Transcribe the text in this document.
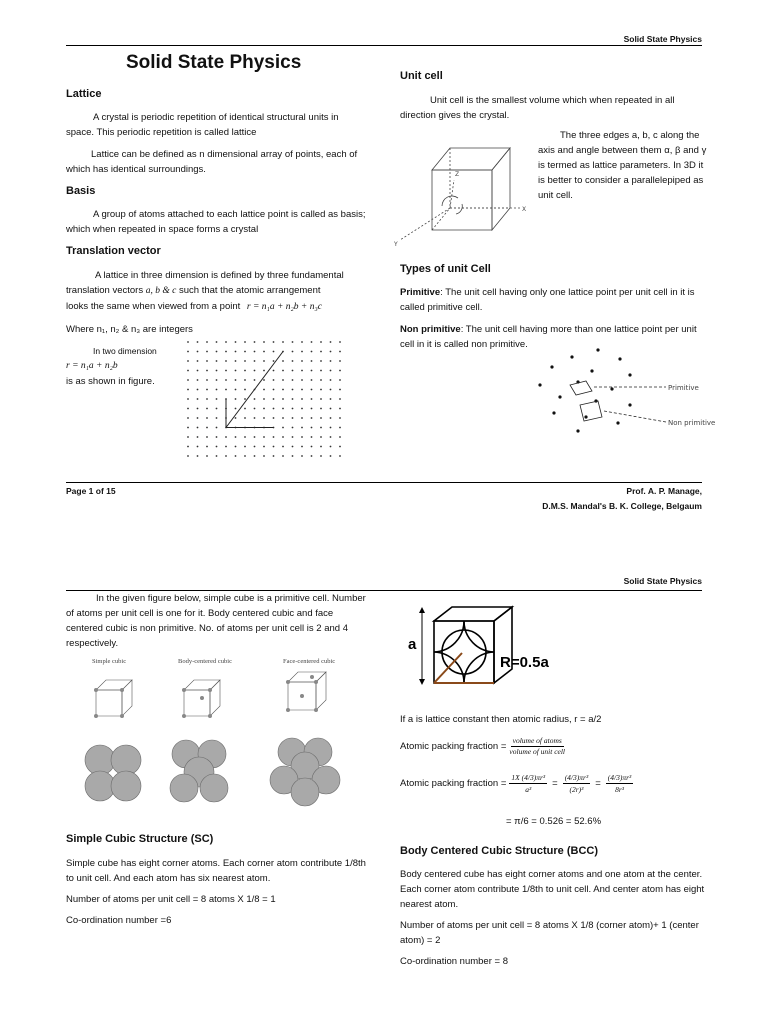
Solid State Physics
Solid State Physics
Lattice
A crystal is periodic repetition of identical structural units in space. This periodic repetition is called lattice
Lattice can be defined as n dimensional array of points, each of which has identical surroundings.
Basis
A group of atoms attached to each lattice point is called as basis; which when repeated in space forms a crystal
Translation vector
A lattice in three dimension is defined by three fundamental
translation vectors a, b & c such that the atomic arrangement
looks the same when viewed from a point r = n₁a + n₂b + n₃c
Where n₁, n₂ & n₃ are integers
In two dimension
r = n₁a + n₂b
is as shown in figure.
Unit cell
Unit cell is the smallest volume which when repeated in all direction gives the crystal.
X
Y
Z
The three edges a, b, c along the axis and angle between them α, β and γ is termed as lattice parameters. In 3D it is better to consider a parallelepiped as unit cell.
Types of unit Cell
Primitive: The unit cell having only one lattice point per unit cell in it is called primitive cell.
Non primitive: The unit cell having more than one lattice point per unit cell in it is called non primitive.
Primitive
Non primitive
Page 1 of 15	Prof. A. P. Manage,
D.M.S. Mandal's B. K. College, Belgaum
Solid State Physics
In the given figure below, simple cube is a primitive cell. Number of atoms per unit cell is one for it. Body centered cubic and face centered cubic is non primitive. No. of atoms per unit cell is 2 and 4 respectively.
Simple cubic	Body-centered cubic	Face-centered cubic
a
R=0.5a
If a is lattice constant then atomic radius, r = a/2
Atomic packing fraction =
volume of atoms
volume of unit cell
Atomic packing fraction = $\frac{\text{1X (4/3)πr³}}{\text{a³}} = \frac{\text{(4/3)πr³}}{\text{(2r)³}} = \frac{\text{(4/3)πr³}}{\text{8r³}}$
= π/6 = 0.526 = 52.6%
Simple Cubic Structure (SC)
Simple cube has eight corner atoms. Each corner atom contribute 1/8th to unit cell. And each atom has six nearest atom.
Number of atoms per unit cell = 8 atoms X 1/8 = 1
Co-ordination number =6
Body Centered Cubic Structure (BCC)
Body centered cube has eight corner atoms and one atom at the center. Each corner atom contribute 1/8th to unit cell. And center atom has eight nearest atom.
Number of atoms per unit cell = 8 atoms X 1/8 (corner atom)+ 1 (center atom) = 2
Co-ordination number = 8
